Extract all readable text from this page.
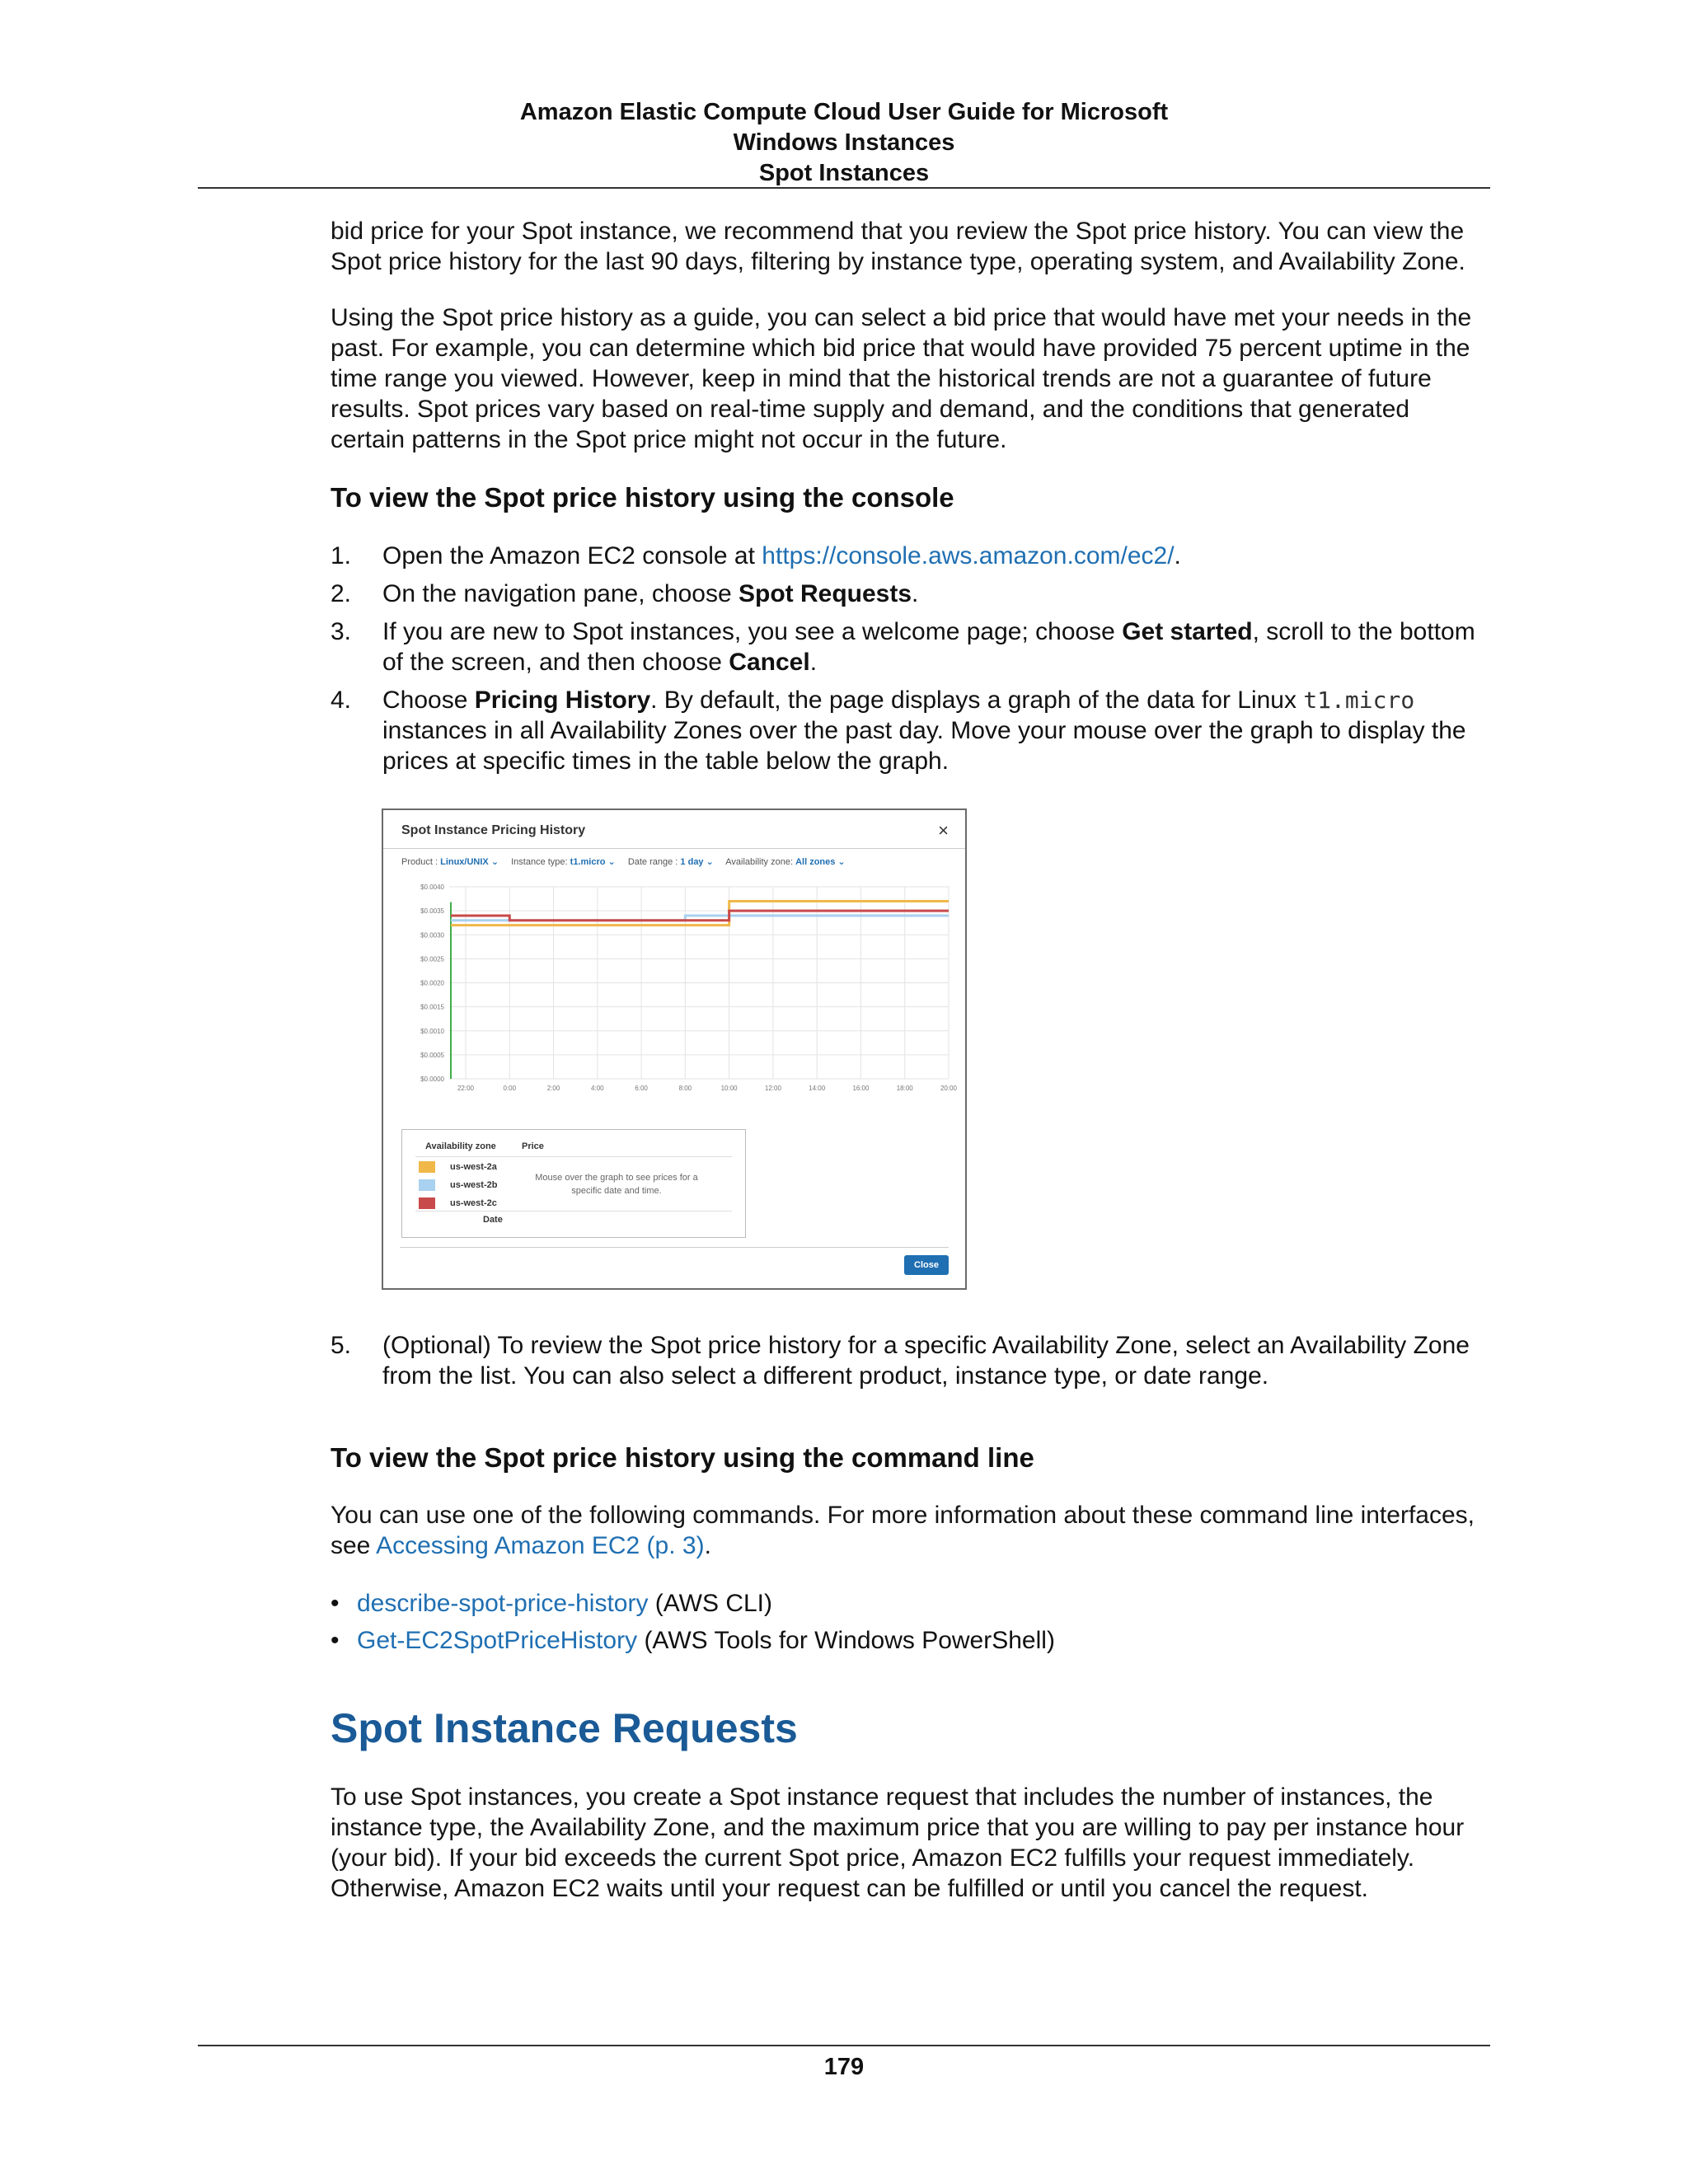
Amazon Elastic Compute Cloud User Guide for Microsoft
Windows Instances
Spot Instances

bid price for your Spot instance, we recommend that you review the Spot price history. You can view the Spot price history for the last 90 days, filtering by instance type, operating system, and Availability Zone.

Using the Spot price history as a guide, you can select a bid price that would have met your needs in the past. For example, you can determine which bid price that would have provided 75 percent uptime in the time range you viewed. However, keep in mind that the historical trends are not a guarantee of future results. Spot prices vary based on real-time supply and demand, and the conditions that generated certain patterns in the Spot price might not occur in the future.

To view the Spot price history using the console
1. Open the Amazon EC2 console at https://console.aws.amazon.com/ec2/.
2. On the navigation pane, choose Spot Requests.
3. If you are new to Spot instances, you see a welcome page; choose Get started, scroll to the bottom of the screen, and then choose Cancel.
4. Choose Pricing History. By default, the page displays a graph of the data for Linux t1.micro instances in all Availability Zones over the past day. Move your mouse over the graph to display the prices at specific times in the table below the graph.
Spot Instance Pricing History	×
Product : Linux/UNIX ⌄ Instance type: t1.micro ⌄ Date range : 1 day ⌄ Availability zone: All zones ⌄
$0.0040
$0.0035
$0.0030
$0.0025
$0.0020
$0.0015
$0.0010
$0.0005
$0.0000
22:00	0:00	2:00	4:00	6:00	8:00	10:00	12:00	14:00	16:00	18:00	20:00
Availability zone	Price
us-west-2a
us-west-2b
us-west-2c
Mouse over the graph to see prices for a specific date and time.
Date
Close
5. (Optional) To review the Spot price history for a specific Availability Zone, select an Availability Zone from the list. You can also select a different product, instance type, or date range.
To view the Spot price history using the command line
You can use one of the following commands. For more information about these command line interfaces, see Accessing Amazon EC2 (p. 3).
• describe-spot-price-history (AWS CLI)
• Get-EC2SpotPriceHistory (AWS Tools for Windows PowerShell)
Spot Instance Requests

To use Spot instances, you create a Spot instance request that includes the number of instances, the instance type, the Availability Zone, and the maximum price that you are willing to pay per instance hour (your bid). If your bid exceeds the current Spot price, Amazon EC2 fulfills your request immediately. Otherwise, Amazon EC2 waits until your request can be fulfilled or until you cancel the request.

179
